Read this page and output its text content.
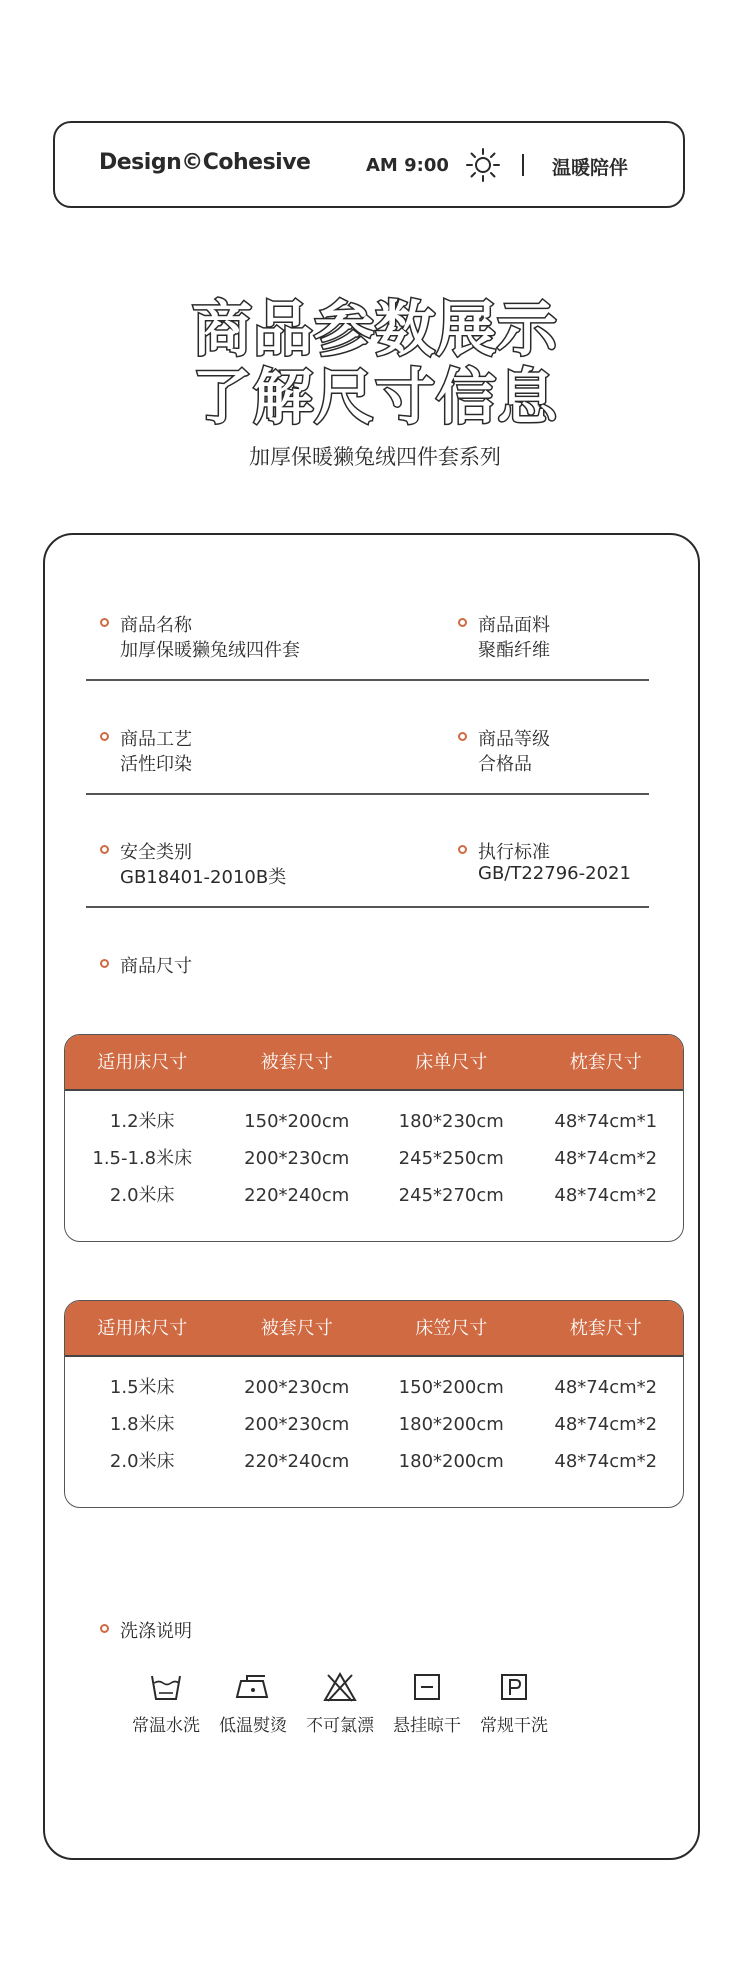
Design©Cohesive	AM 9:00	温暖陪伴
商品参数展示
了解尺寸信息
加厚保暖獭兔绒四件套系列
商品名称
加厚保暖獭兔绒四件套
商品面料
聚酯纤维
商品工艺
活性印染
商品等级
合格品
安全类别
GB18401-2010B类
执行标准
GB/T22796-2021
商品尺寸
适用床尺寸	被套尺寸	床单尺寸	枕套尺寸
1.2米床	150*200cm	180*230cm	48*74cm*1
1.5-1.8米床	200*230cm	245*250cm	48*74cm*2
2.0米床	220*240cm	245*270cm	48*74cm*2
适用床尺寸	被套尺寸	床笠尺寸	枕套尺寸
1.5米床	200*230cm	150*200cm	48*74cm*2
1.8米床	200*230cm	180*200cm	48*74cm*2
2.0米床	220*240cm	180*200cm	48*74cm*2
洗涤说明
常温水洗	低温熨烫	不可氯漂	悬挂晾干	常规干洗
